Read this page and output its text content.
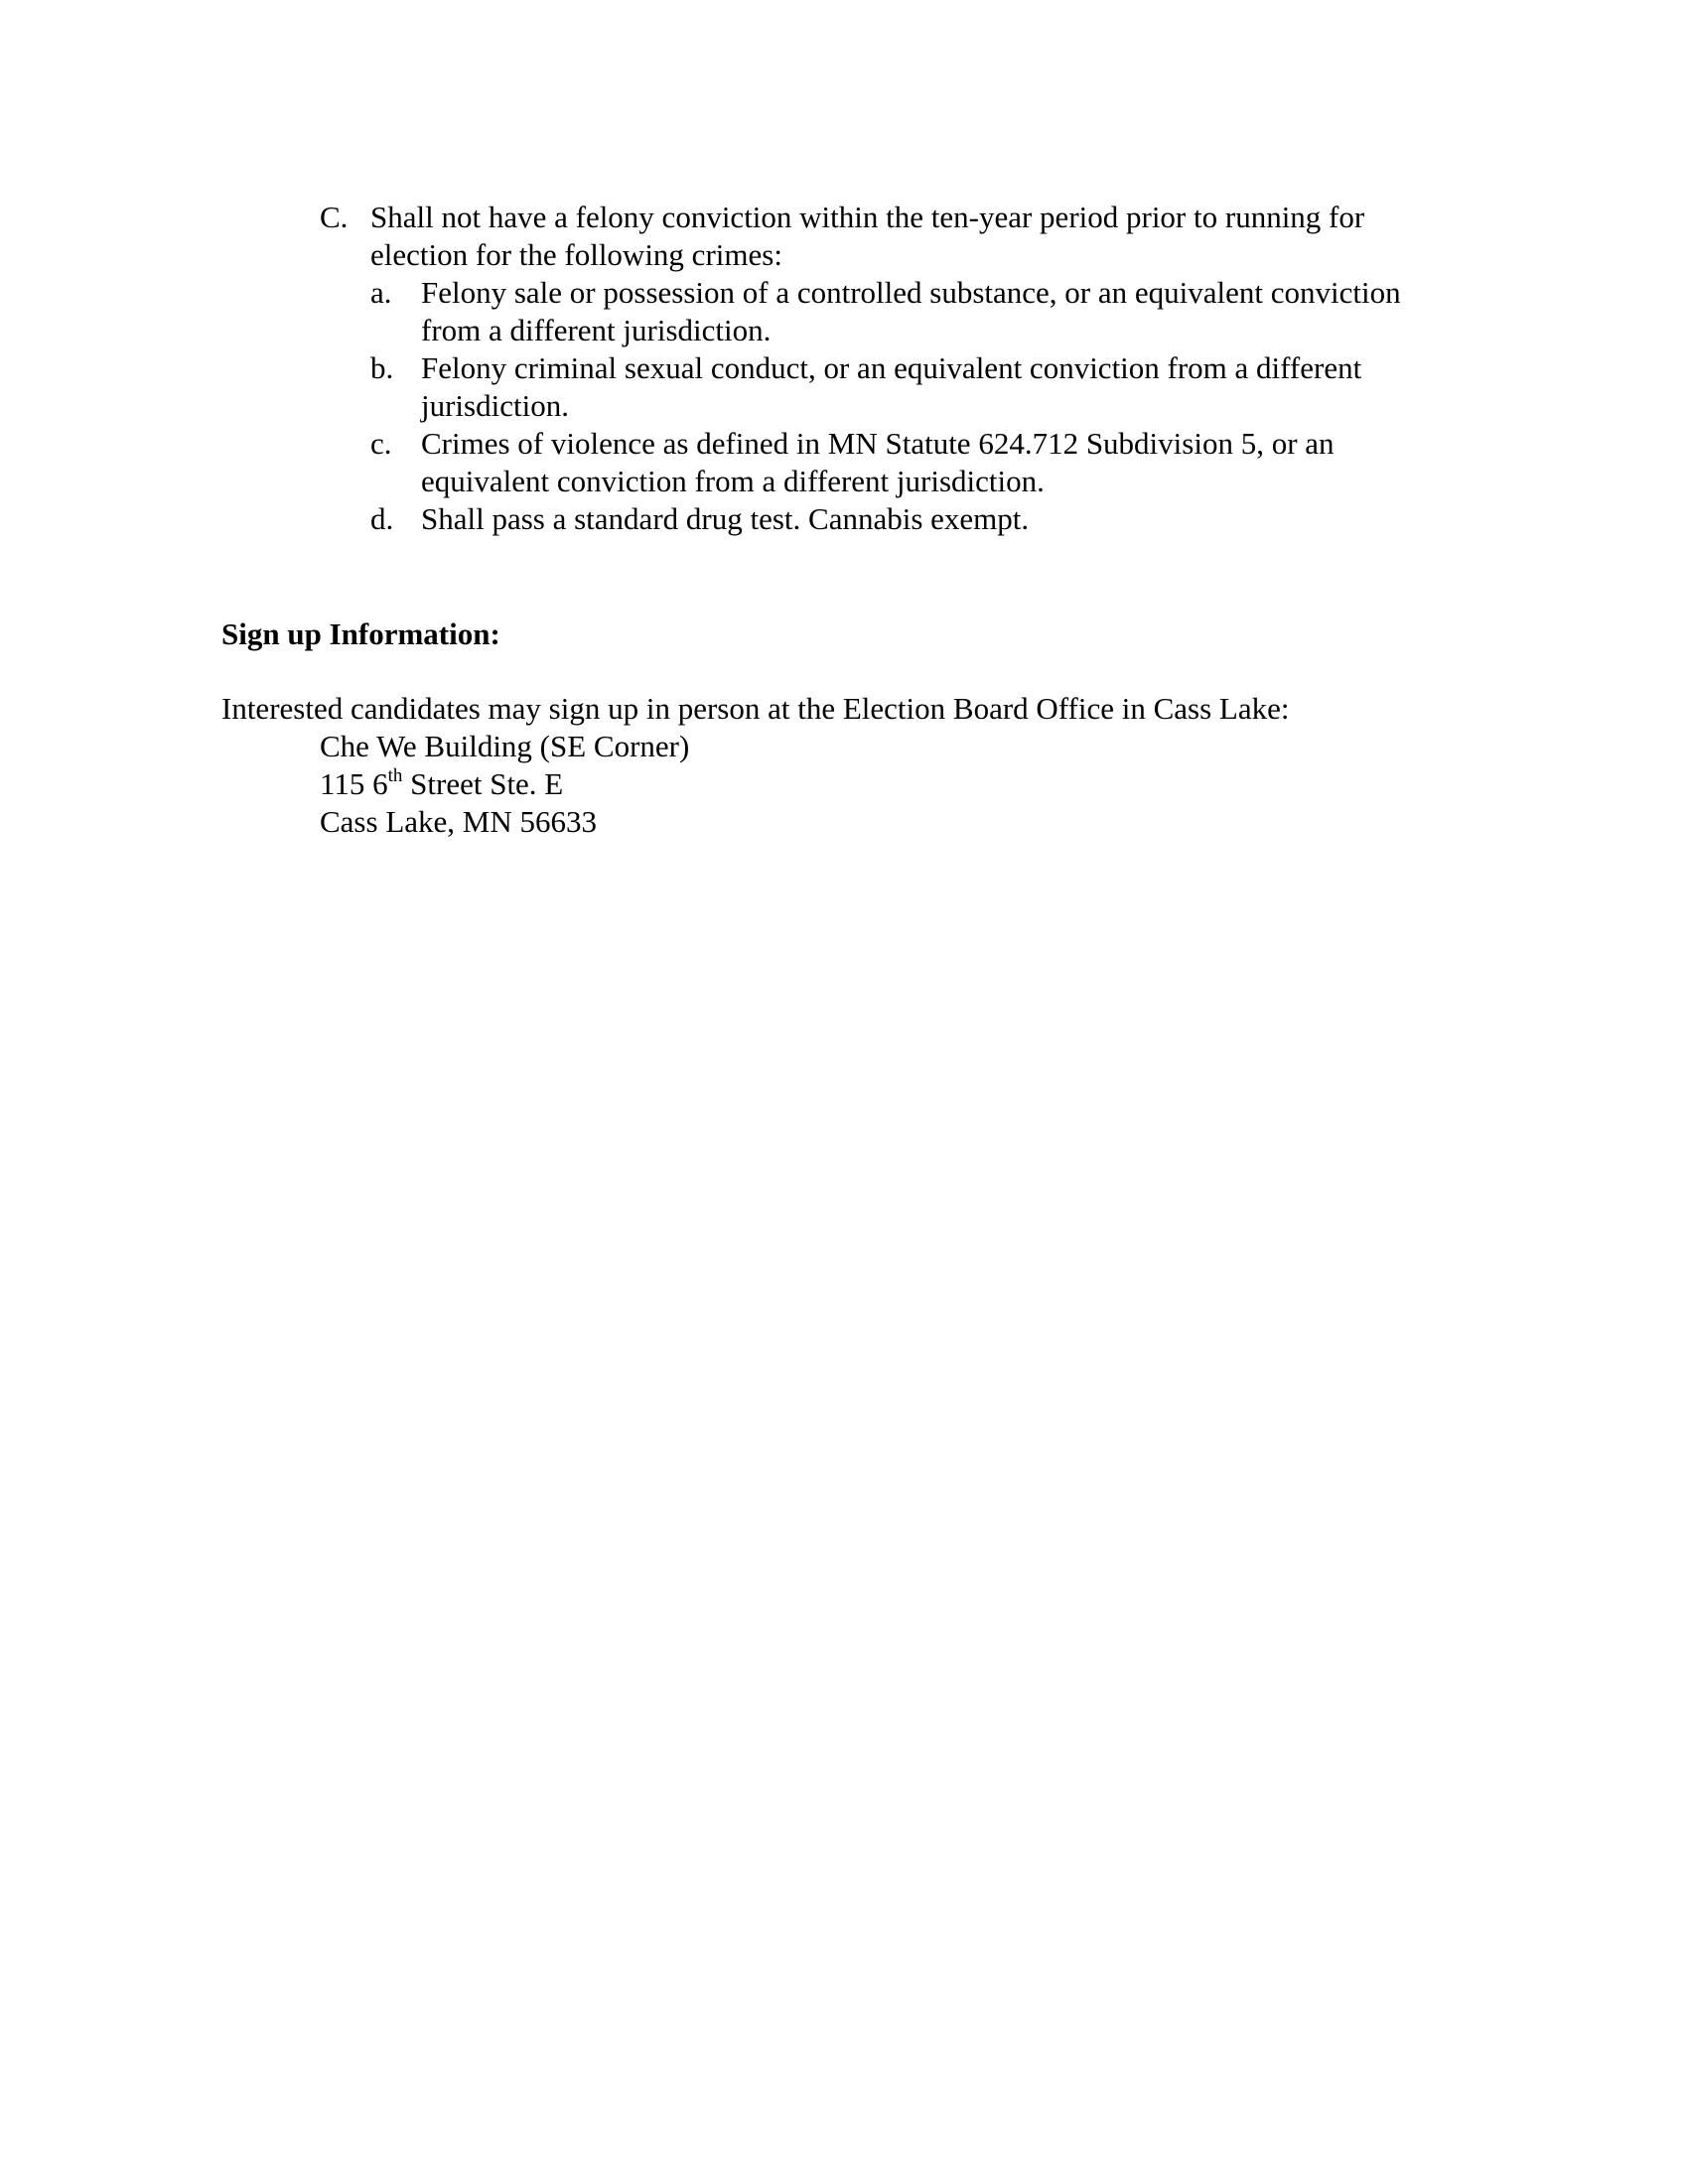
C. Shall not have a felony conviction within the ten-year period prior to running for election for the following crimes:
a. Felony sale or possession of a controlled substance, or an equivalent conviction from a different jurisdiction.
b. Felony criminal sexual conduct, or an equivalent conviction from a different jurisdiction.
c. Crimes of violence as defined in MN Statute 624.712 Subdivision 5, or an equivalent conviction from a different jurisdiction.
d. Shall pass a standard drug test. Cannabis exempt.
Sign up Information:
Interested candidates may sign up in person at the Election Board Office in Cass Lake:
Che We Building (SE Corner)
115 6th Street Ste. E
Cass Lake, MN 56633
